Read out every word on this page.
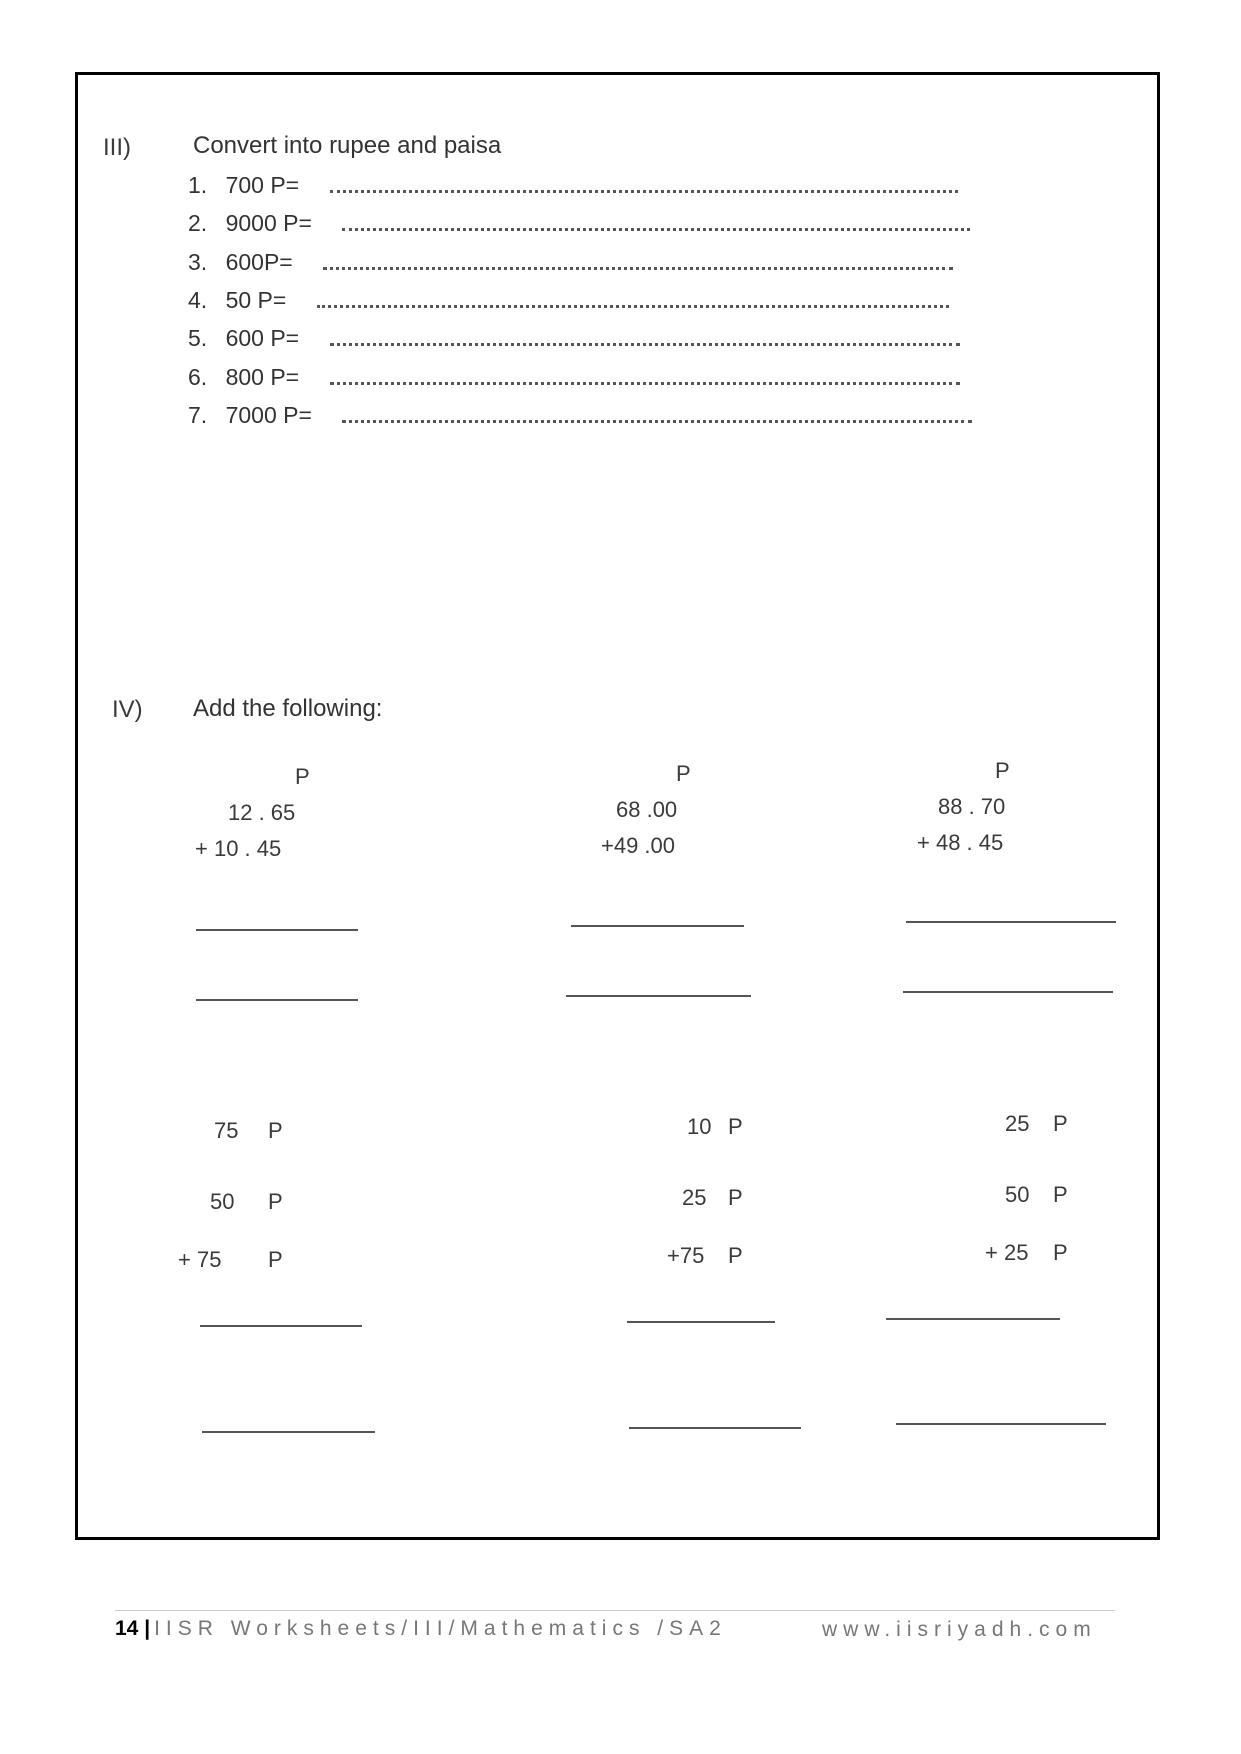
III)	Convert into rupee and paisa
1. 700 P=
2. 9000 P=
3. 600P=
4. 50 P=
5. 600 P=
6. 800 P=
7. 7000 P=
IV) Add the following:
P
12 . 65
+ 10 . 45
P
68 .00
+49 .00
P
88 . 70
+ 48 . 45
75 P
50 P
+ 75 P
10 P
25 P
+75 P
25 P
50 P
+ 25 P
14 | IISR Worksheets/III/Mathematics /SA2	www.iisriyadh.com
